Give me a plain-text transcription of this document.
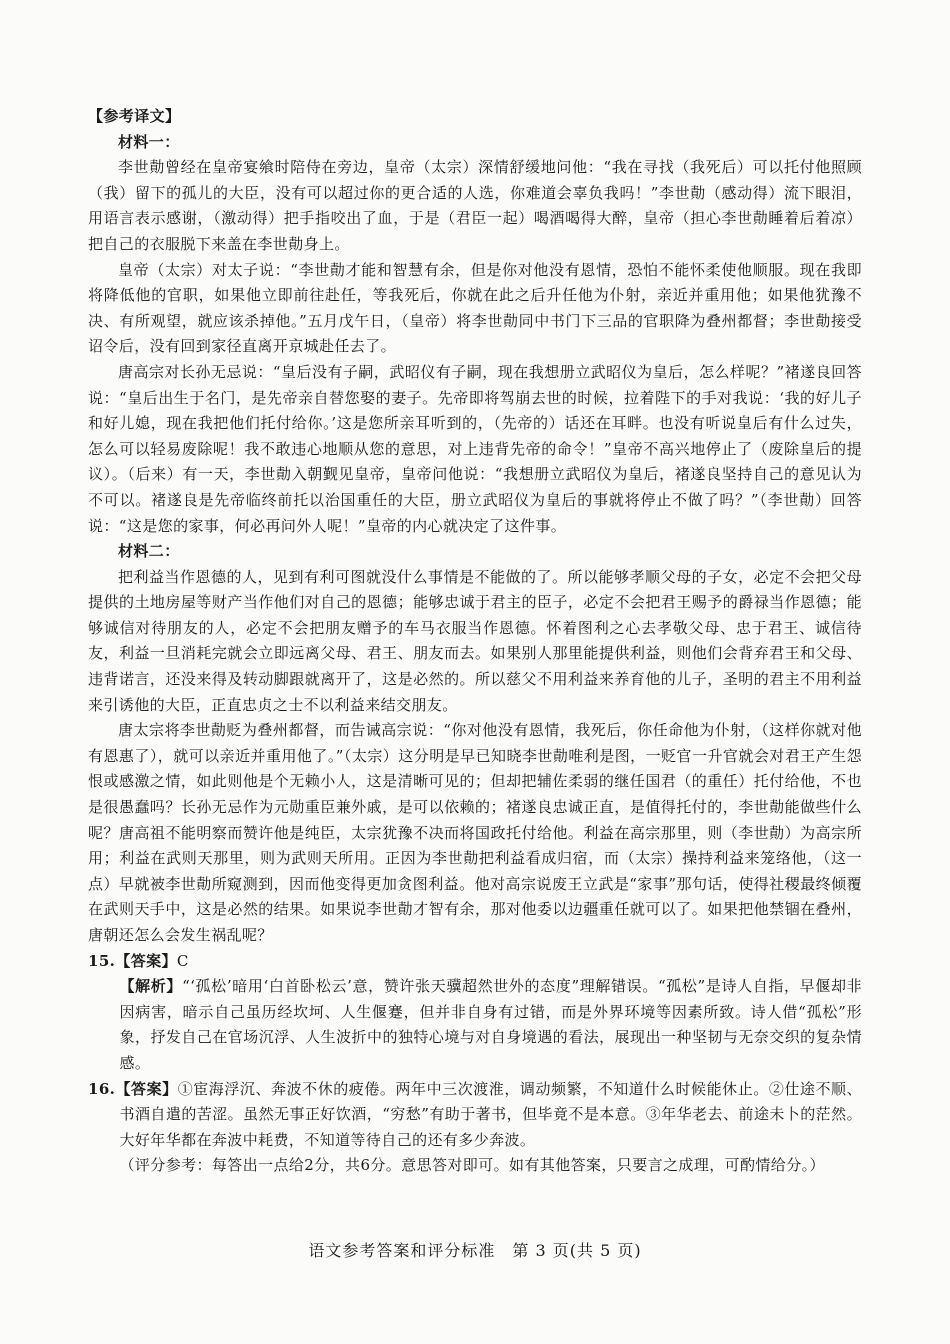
【参考译文】

材料一：

李世勣曾经在皇帝宴飨时陪侍在旁边，皇帝（太宗）深情舒缓地问他：“我在寻找（我死后）可以托付他照顾（我）留下的孤儿的大臣，没有可以超过你的更合适的人选，你难道会辜负我吗！”李世勣（感动得）流下眼泪，用语言表示感谢，（激动得）把手指咬出了血，于是（君臣一起）喝酒喝得大醉，皇帝（担心李世勣睡着后着凉）把自己的衣服脱下来盖在李世勣身上。

皇帝（太宗）对太子说：“李世勣才能和智慧有余，但是你对他没有恩情，恐怕不能怀柔使他顺服。现在我即将降低他的官职，如果他立即前往赴任，等我死后，你就在此之后升任他为仆射，亲近并重用他；如果他犹豫不决、有所观望，就应该杀掉他。”五月戊午日，（皇帝）将李世勣同中书门下三品的官职降为叠州都督；李世勣接受诏令后，没有回到家径直离开京城赴任去了。

唐高宗对长孙无忌说：“皇后没有子嗣，武昭仪有子嗣，现在我想册立武昭仪为皇后，怎么样呢？”褚遂良回答说：“皇后出生于名门，是先帝亲自替您娶的妻子。先帝即将驾崩去世的时候，拉着陛下的手对我说：‘我的好儿子和好儿媳，现在我把他们托付给你。’这是您所亲耳听到的，（先帝的）话还在耳畔。也没有听说皇后有什么过失，怎么可以轻易废除呢！我不敢违心地顺从您的意思，对上违背先帝的命令！”皇帝不高兴地停止了（废除皇后的提议）。（后来）有一天，李世勣入朝觐见皇帝，皇帝问他说：“我想册立武昭仪为皇后，褚遂良坚持自己的意见认为不可以。褚遂良是先帝临终前托以治国重任的大臣，册立武昭仪为皇后的事就将停止不做了吗？”（李世勣）回答说：“这是您的家事，何必再问外人呢！”皇帝的内心就决定了这件事。

材料二：

把利益当作恩德的人，见到有利可图就没什么事情是不能做的了。所以能够孝顺父母的子女，必定不会把父母提供的土地房屋等财产当作他们对自己的恩德；能够忠诚于君主的臣子，必定不会把君王赐予的爵禄当作恩德；能够诚信对待朋友的人，必定不会把朋友赠予的车马衣服当作恩德。怀着图利之心去孝敬父母、忠于君王、诚信待友，利益一旦消耗完就会立即远离父母、君王、朋友而去。如果别人那里能提供利益，则他们会背弃君王和父母、违背诺言，还没来得及转动脚跟就离开了，这是必然的。所以慈父不用利益来养育他的儿子，圣明的君主不用利益来引诱他的大臣，正直忠贞之士不以利益来结交朋友。

唐太宗将李世勣贬为叠州都督，而告诫高宗说：“你对他没有恩情，我死后，你任命他为仆射，（这样你就对他有恩惠了），就可以亲近并重用他了。”（太宗）这分明是早已知晓李世勣唯利是图，一贬官一升官就会对君王产生怨恨或感激之情，如此则他是个无赖小人，这是清晰可见的；但却把辅佐柔弱的继任国君（的重任）托付给他，不也是很愚蠢吗？长孙无忌作为元勋重臣兼外戚，是可以依赖的；褚遂良忠诚正直，是值得托付的，李世勣能做些什么呢？唐高祖不能明察而赞许他是纯臣，太宗犹豫不决而将国政托付给他。利益在高宗那里，则（李世勣）为高宗所用；利益在武则天那里，则为武则天所用。正因为李世勣把利益看成归宿，而（太宗）操持利益来笼络他，（这一点）早就被李世勣所窥测到，因而他变得更加贪图利益。他对高宗说废王立武是“家事”那句话，使得社稷最终倾覆在武则天手中，这是必然的结果。如果说李世勣才智有余，那对他委以边疆重任就可以了。如果把他禁锢在叠州，唐朝还怎么会发生祸乱呢？

15.【答案】C

【解析】“‘孤松’暗用‘白首卧松云’意，赞许张天骥超然世外的态度”理解错误。“孤松”是诗人自指，早偃却非因病害，暗示自己虽历经坎坷、人生偃蹇，但并非自身有过错，而是外界环境等因素所致。诗人借“孤松”形象，抒发自己在官场沉浮、人生波折中的独特心境与对自身境遇的看法，展现出一种坚韧与无奈交织的复杂情感。

16.【答案】①宦海浮沉、奔波不休的疲倦。两年中三次渡淮，调动频繁，不知道什么时候能休止。②仕途不顺、书酒自遣的苦涩。虽然无事正好饮酒，“穷愁”有助于著书，但毕竟不是本意。③年华老去、前途未卜的茫然。大好年华都在奔波中耗费，不知道等待自己的还有多少奔波。

（评分参考：每答出一点给2分，共6分。意思答对即可。如有其他答案，只要言之成理，可酌情给分。）

语文参考答案和评分标准　第 3 页(共 5 页)
